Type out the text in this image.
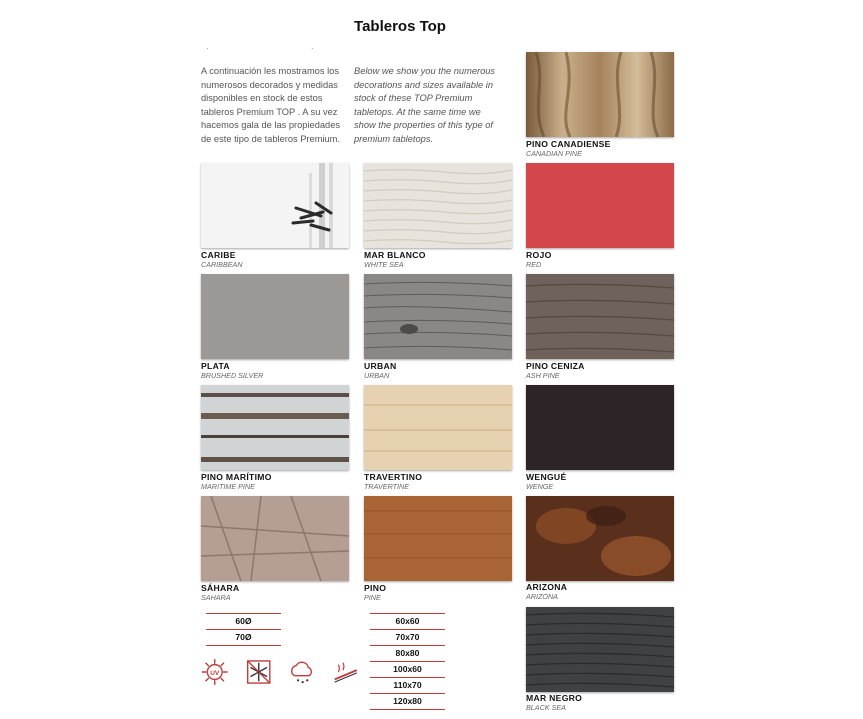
Tableros Top
· ·
A continuación les mostramos los numerosos decorados y medidas disponibles en stock de estos tableros Premium TOP . A su vez hacemos gala de las propiedades de este tipo de tableros Premium.
Below we show you the numerous decorations and sizes available in stock of these TOP Premium tabletops. At the same time we show the properties of this type of premium tabletops.
PINO CANADIENSE
CANADIAN PINE
CARIBE
CARIBBEAN
MAR BLANCO
WHITE SEA
ROJO
RED
PLATA
BRUSHED SILVER
URBAN
URBAN
PINO CENIZA
ASH PINE
PINO MARÍTIMO
MARITIME PINE
TRAVERTINO
TRAVERTINE
WENGUÉ
WENGE
SÁHARA
SAHARA
PINO
PINE
ARIZONA
ARIZONA
MAR NEGRO
BLACK SEA
60Ø
70Ø
60x60
70x70
80x80
100x60
110x70
120x80
UV
